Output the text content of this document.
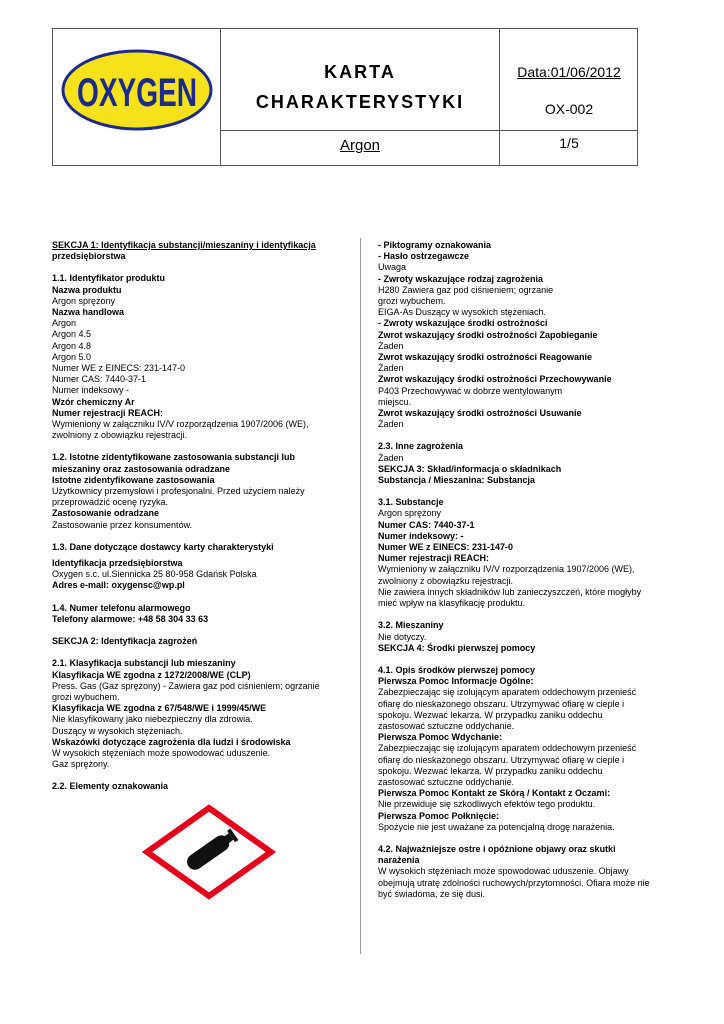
OXYGEN	KARTA
CHARAKTERYSTYKI
Data:01/06/2012
OX-002
Argon	1/5
SEKCJA 1: Identyfikacja substancji/mieszaniny i identyfikacja
przedsiębiorstwa
1.1. Identyfikator produktu
Nazwa produktu
Argon sprężony
Nazwa handlowa
Argon
Argon 4.5
Argon 4.8
Argon 5.0
Numer WE z EINECS: 231-147-0
Numer CAS: 7440-37-1
Numer indeksowy -
Wzór chemiczny Ar
Numer rejestracji REACH:
Wymieniony w załączniku IV/V rozporządzenia 1907/2006 (WE),
zwolniony z obowiązku rejestracji.
1.2. Istotne zidentyfikowane zastosowania substancji lub
mieszaniny oraz zastosowania odradzane
Istotne zidentyfikowane zastosowania
Użytkownicy przemysłowi i profesjonalni. Przed użyciem należy
przeprowadzić ocenę ryzyka.
Zastosowanie odradzane
Zastosowanie przez konsumentów.
1.3. Dane dotyczące dostawcy karty charakterystyki
Identyfikacja przedsiębiorstwa
Oxygen s.c. ul.Siennicka 25 80-958 Gdańsk Polska
Adres e-mail: oxygensc@wp.pl
1.4. Numer telefonu alarmowego
Telefony alarmowe: +48 58 304 33 63
SEKCJA 2: Identyfikacja zagrożeń
2.1. Klasyfikacja substancji lub mieszaniny
Klasyfikacja WE zgodna z 1272/2008/WE (CLP)
Press. Gas (Gaz sprężony) - Zawiera gaz pod ciśnieniem; ogrzanie
grozi wybuchem.
Klasyfikacja WE zgodna z 67/548/WE i 1999/45/WE
Nie klasyfikowany jako niebezpieczny dla zdrowia.
Duszący w wysokich stężeniach.
Wskazówki dotyczące zagrożenia dla ludzi i środowiska
W wysokich stężeniach może spowodować uduszenie.
Gaz sprężony.
2.2. Elementy oznakowania
- Piktogramy oznakowania
- Hasło ostrzegawcze
Uwaga
- Zwroty wskazujące rodzaj zagrożenia
H280 Zawiera gaz pod ciśnieniem; ogrzanie
grozi wybuchem.
EIGA-As Duszący w wysokich stężeniach.
- Zwroty wskazujące środki ostrożności
Zwrot wskazujący środki ostrożności Zapobieganie
Żaden
Zwrot wskazujący środki ostrożności Reagowanie
Żaden
Zwrot wskazujący środki ostrożności Przechowywanie
P403 Przechowywać w dobrze wentylowanym
miejscu.
Zwrot wskazujący środki ostrożności Usuwanie
Żaden
2.3. Inne zagrożenia
Żaden
SEKCJA 3: Skład/informacja o składnikach
Substancja / Mieszanina: Substancja
3.1. Substancje
Argon sprężony
Numer CAS: 7440-37-1
Numer indeksowy: -
Numer WE z EINECS: 231-147-0
Numer rejestracji REACH:
Wymieniony w załączniku IV/V rozporządzenia 1907/2006 (WE),
zwolniony z obowiązku rejestracji.
Nie zawiera innych składników lub zanieczyszczeń, które mogłyby
mieć wpływ na klasyfikację produktu.
3.2. Mieszaniny
Nie dotyczy.
SEKCJA 4: Środki pierwszej pomocy
4.1. Opis środków pierwszej pomocy
Pierwsza Pomoc Informacje Ogólne:
Zabezpieczając się izolującym aparatem oddechowym przenieść
ofiarę do nieskażonego obszaru. Utrzymywać ofiarę w cieple i
spokoju. Wezwać lekarza. W przypadku zaniku oddechu
zastosować sztuczne oddychanie.
Pierwsza Pomoc Wdychanie:
Zabezpieczając się izolującym aparatem oddechowym przenieść
ofiarę do nieskażonego obszaru. Utrzymywać ofiarę w cieple i
spokoju. Wezwać lekarza. W przypadku zaniku oddechu
zastosować sztuczne oddychanie.
Pierwsza Pomoc Kontakt ze Skórą / Kontakt z Oczami:
Nie przewiduje się szkodliwych efektów tego produktu.
Pierwsza Pomoc Połknięcie:
Spożycie nie jest uważane za potencjalną drogę narażenia.
4.2. Najważniejsze ostre i opóźnione objawy oraz skutki
narażenia
W wysokich stężeniach może spowodować uduszenie. Objawy
obejmują utratę zdolności ruchowych/przytomności. Ofiara może nie
być świadoma, że się dusi.
